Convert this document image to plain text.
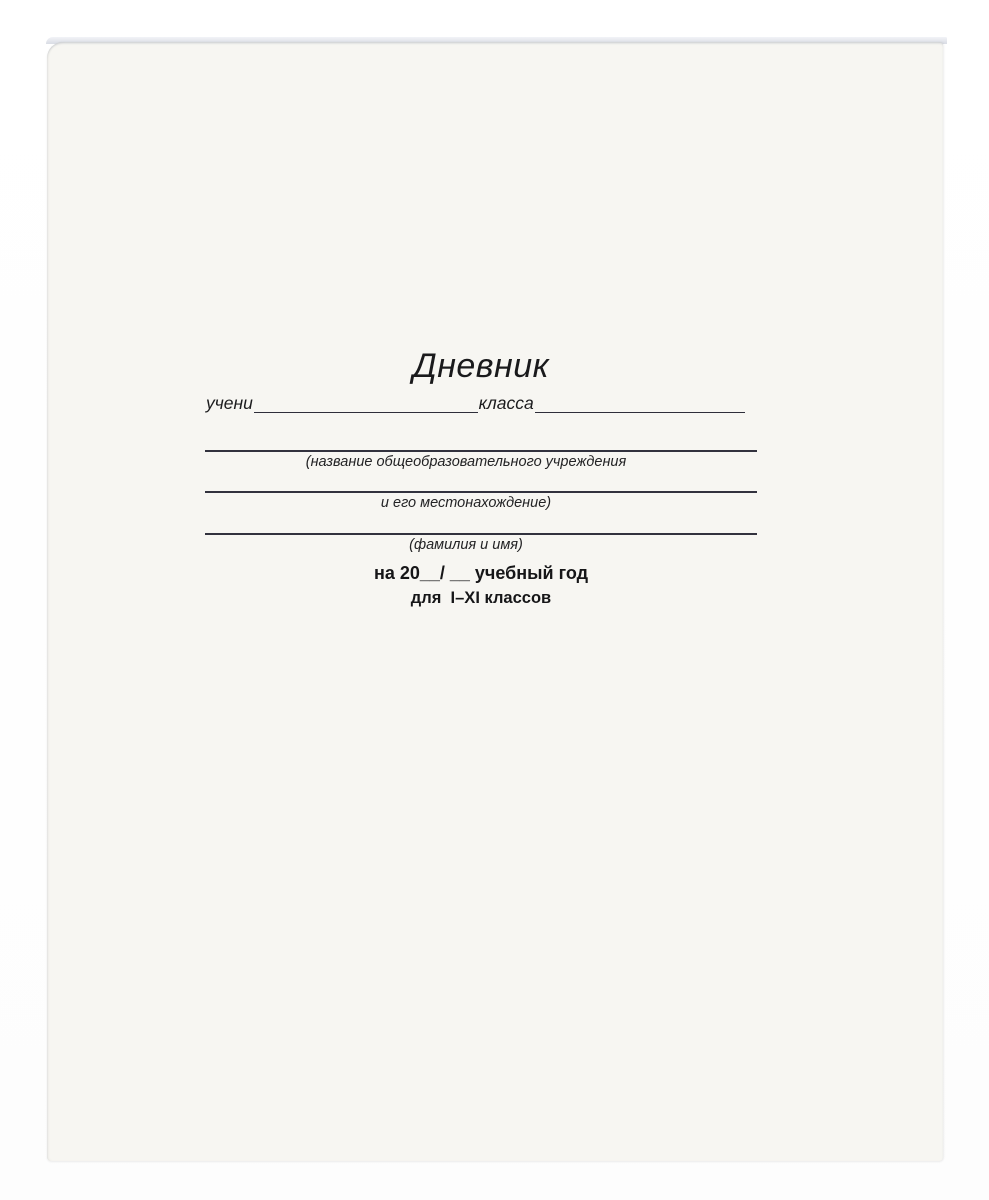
Дневник
учени	класса
(название общеобразовательного учреждения
и его местонахождение)
(фамилия и имя)
на 20__/ __ учебный год
для  I–XI классов
